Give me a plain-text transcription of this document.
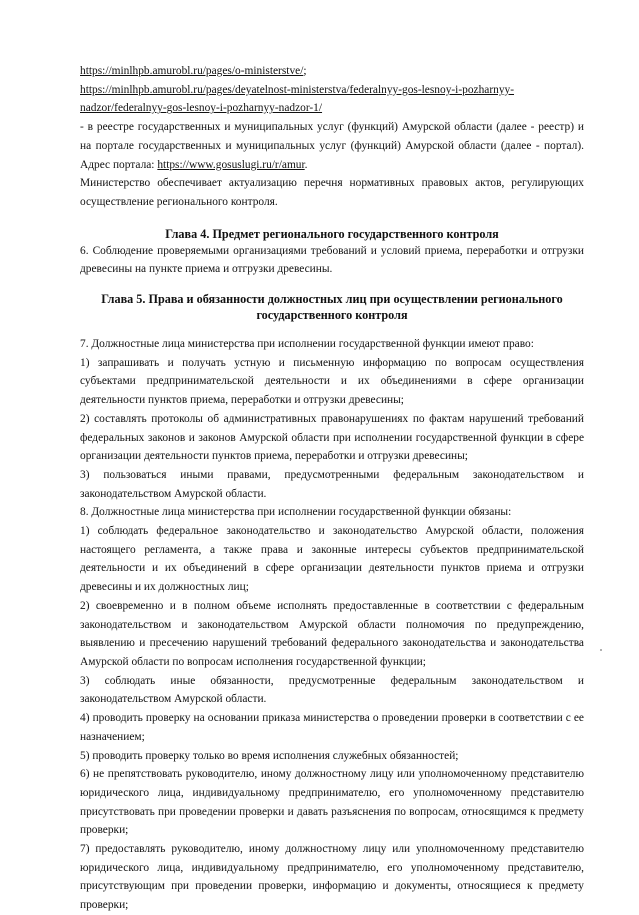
https://minlhpb.amurobl.ru/pages/o-ministerstve/;

https://minlhpb.amurobl.ru/pages/deyatelnost-ministerstva/federalnyy-gos-lesnoy-i-pozharnyy-nadzor/federalnyy-gos-lesnoy-i-pozharnyy-nadzor-1/

- в реестре государственных и муниципальных услуг (функций) Амурской области (далее - реестр) и на портале государственных и муниципальных услуг (функций) Амурской области (далее - портал). Адрес портала: https://www.gosuslugi.ru/r/amur.

Министерство обеспечивает актуализацию перечня нормативных правовых актов, регулирующих осуществление регионального контроля.

Глава 4. Предмет регионального государственного контроля

6. Соблюдение проверяемыми организациями требований и условий приема, переработки и отгрузки древесины на пункте приема и отгрузки древесины.

Глава 5. Права и обязанности должностных лиц при осуществлении регионального
государственного контроля

7. Должностные лица министерства при исполнении государственной функции имеют право:

1) запрашивать и получать устную и письменную информацию по вопросам осуществления субъектами предпринимательской деятельности и их объединениями в сфере организации деятельности пунктов приема, переработки и отгрузки древесины;

2) составлять протоколы об административных правонарушениях по фактам нарушений требований федеральных законов и законов Амурской области при исполнении государственной функции в сфере организации деятельности пунктов приема, переработки и отгрузки древесины;

3) пользоваться иными правами, предусмотренными федеральным законодательством и законодательством Амурской области.

8. Должностные лица министерства при исполнении государственной функции обязаны:

1) соблюдать федеральное законодательство и законодательство Амурской области, положения настоящего регламента, а также права и законные интересы субъектов предпринимательской деятельности и их объединений в сфере организации деятельности пунктов приема и отгрузки древесины и их должностных лиц;

2) своевременно и в полном объеме исполнять предоставленные в соответствии с федеральным законодательством и законодательством Амурской области полномочия по предупреждению, выявлению и пресечению нарушений требований федерального законодательства и законодательства Амурской области по вопросам исполнения государственной функции;

3) соблюдать иные обязанности, предусмотренные федеральным законодательством и законодательством Амурской области.

4) проводить проверку на основании приказа министерства о проведении проверки в соответствии с ее назначением;

5) проводить проверку только во время исполнения служебных обязанностей;

6) не препятствовать руководителю, иному должностному лицу или уполномоченному представителю юридического лица, индивидуальному предпринимателю, его уполномоченному представителю присутствовать при проведении проверки и давать разъяснения по вопросам, относящимся к предмету проверки;

7) предоставлять руководителю, иному должностному лицу или уполномоченному представителю юридического лица, индивидуальному предпринимателю, его уполномоченному представителю, присутствующим при проведении проверки, информацию и документы, относящиеся к предмету проверки;
